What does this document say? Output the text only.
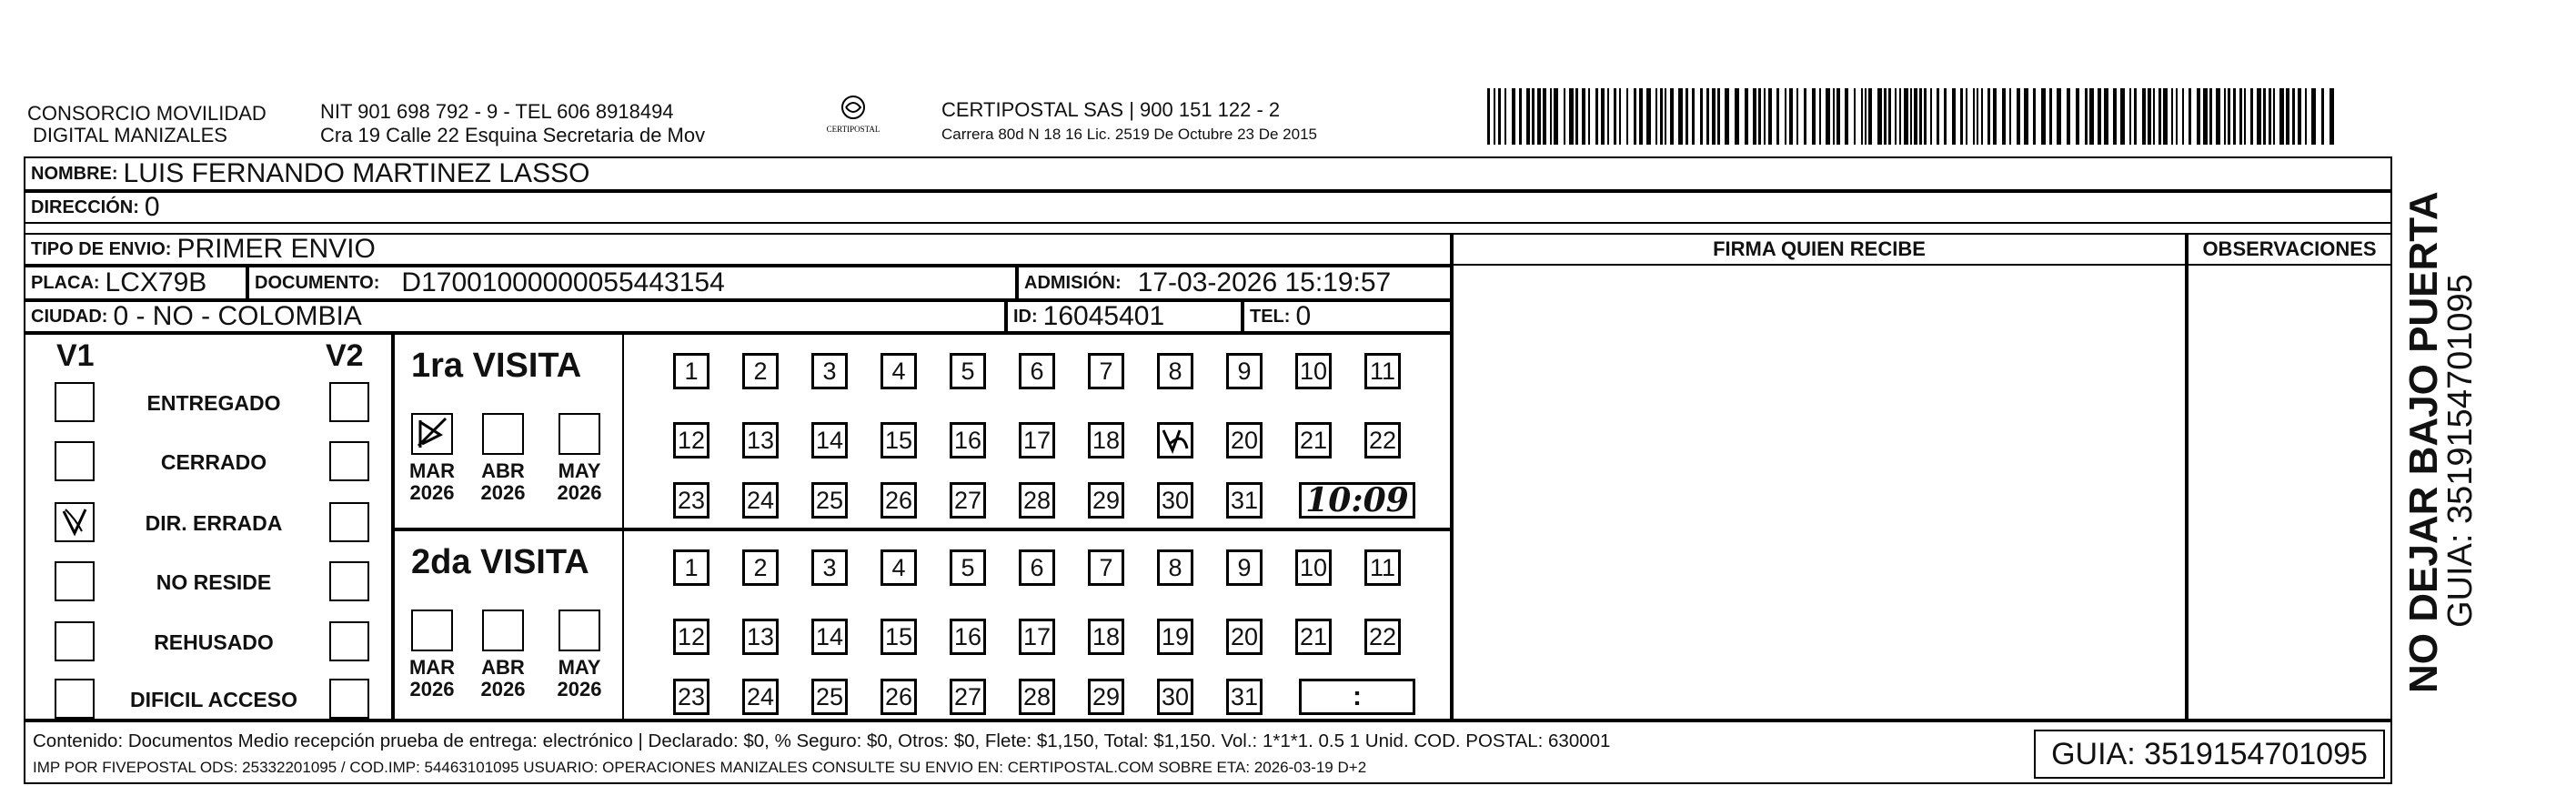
CONSORCIO MOVILIDAD
DIGITAL MANIZALES
NIT 901 698 792 - 9 - TEL 606 8918494
Cra 19 Calle 22 Esquina Secretaria de Mov	CERTIPOSTAL
CERTIPOSTAL SAS | 900 151 122 - 2
Carrera 80d N 18 16 Lic. 2519 De Octubre 23 De 2015
NOMBRE: LUIS FERNANDO MARTINEZ LASSO
DIRECCIÓN: 0
TIPO DE ENVIO: PRIMER ENVIO
PLACA: LCX79B	DOCUMENTO: D17001000000055443154	ADMISIÓN: 17-03-2026 15:19:57
CIUDAD: 0 - NO - COLOMBIA	ID: 16045401	TEL: 0
FIRMA QUIEN RECIBE	OBSERVACIONES
V1	V2
ENTREGADO
CERRADO
DIR. ERRADA
NO RESIDE
REHUSADO
DIFICIL ACCESO
1ra VISITA
MAR
2026
ABR
2026
MAY
2026
1	2	3	4	5	6	7	8	9	10 11
12 13 14 15 16 17 18	20 21 22
23 24 25 26 27 28 29 30 31 10:09
2da VISITA
MAR
2026
ABR
2026
MAY
2026
1	2	3	4	5	6	7	8	9	10 11
12 13 14 15 16 17 18 19 20 21 22
23 24 25 26 27 28 29 30 31	:
Contenido: Documentos Medio recepción prueba de entrega: electrónico | Declarado: $0, % Seguro: $0, Otros: $0, Flete: $1,150, Total: $1,150. Vol.: 1*1*1. 0.5 1 Unid. COD. POSTAL: 630001
IMP POR FIVEPOSTAL ODS: 25332201095 / COD.IMP: 54463101095 USUARIO: OPERACIONES MANIZALES CONSULTE SU ENVIO EN: CERTIPOSTAL.COM SOBRE ETA: 2026-03-19 D+2	GUIA: 3519154701095
NO DEJAR BAJO PUERTA
GUIA: 3519154701095
